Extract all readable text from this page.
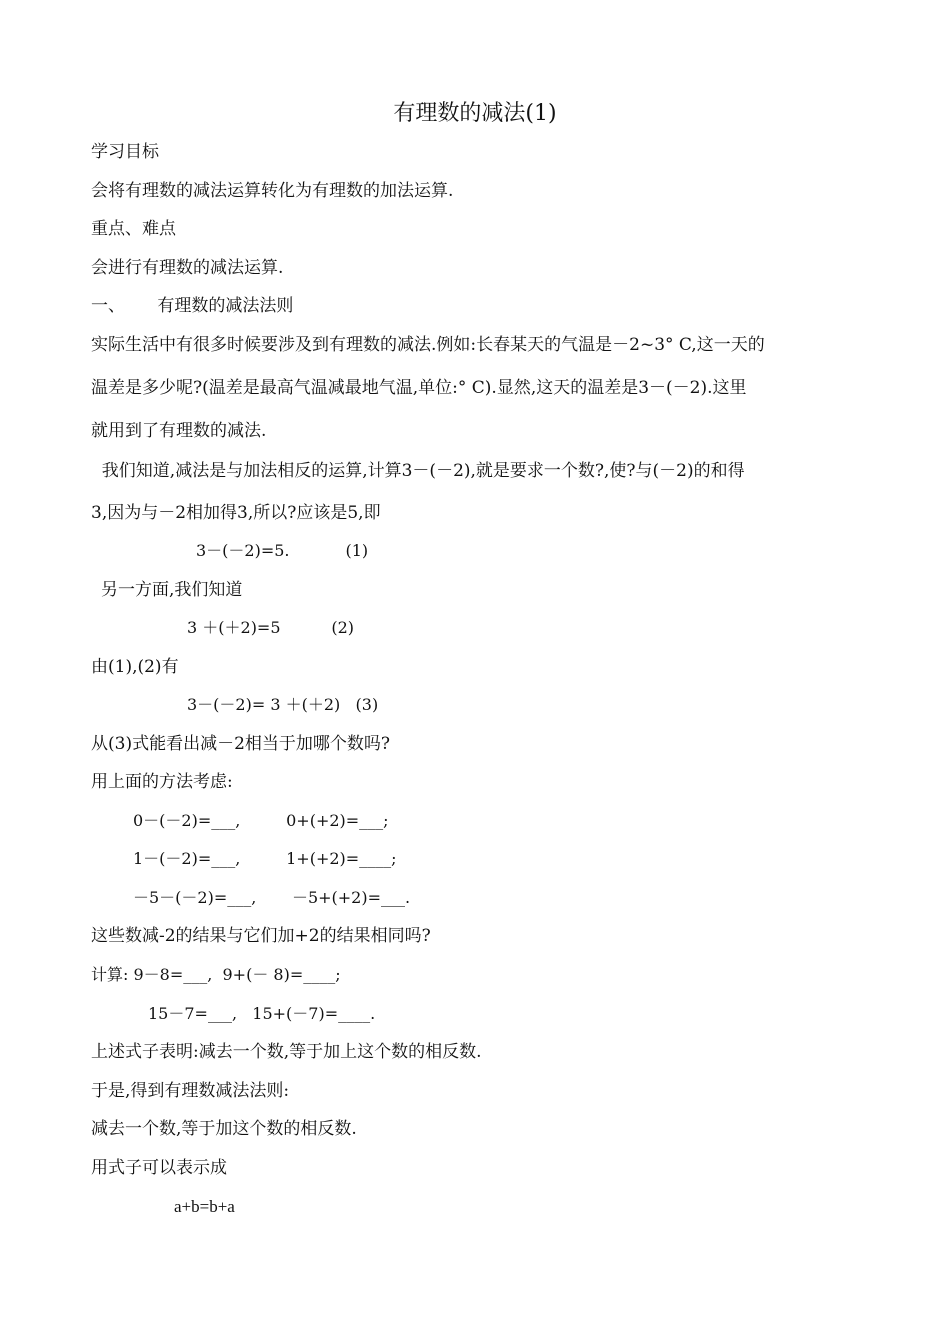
有理数的减法(1)
学习目标
会将有理数的减法运算转化为有理数的加法运算.
重点、难点
会进行有理数的减法运算.
一、      有理数的减法法则
实际生活中有很多时候要涉及到有理数的减法.例如:长春某天的气温是－2~3° C,这一天的
温差是多少呢?(温差是最高气温减最地气温,单位:° C).显然,这天的温差是3－(－2).这里
就用到了有理数的减法.
我们知道,减法是与加法相反的运算,计算3－(－2),就是要求一个数?,使?与(－2)的和得
3,因为与－2相加得3,所以?应该是5,即
3－(－2)=5.           (1)
另一方面,我们知道
3 ＋(＋2)=5          (2)
由(1),(2)有
3－(－2)= 3 ＋(＋2)   (3)
从(3)式能看出减－2相当于加哪个数吗?
用上面的方法考虑:
0－(－2)=___,         0+(+2)=___;
1－(－2)=___,         1+(+2)=____;
－5－(－2)=___,       －5+(+2)=___.
这些数减-2的结果与它们加+2的结果相同吗?
计算: 9－8=___,  9+(－ 8)=____;
15－7=___,   15+(－7)=____.
上述式子表明:减去一个数,等于加上这个数的相反数.
于是,得到有理数减法法则:
减去一个数,等于加这个数的相反数.
用式子可以表示成
a+b=b+a
